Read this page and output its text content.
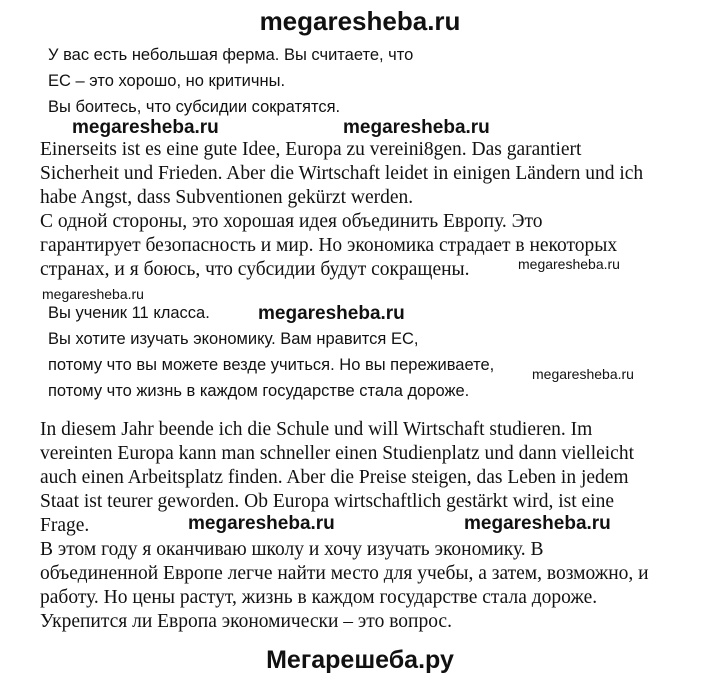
megaresheba.ru
У вас есть небольшая ферма. Вы считаете, что
ЕС – это хорошо, но критичны.
Вы боитесь, что субсидии сократятся.
megaresheba.ru	megaresheba.ru
Einerseits ist es eine gute Idee, Europa zu vereini8gen. Das garantiert
Sicherheit und Frieden. Aber die Wirtschaft leidet in einigen Ländern und ich
habe Angst, dass Subventionen gekürzt werden.
С одной стороны, это хорошая идея объединить Европу. Это
гарантирует безопасность и мир. Но экономика страдает в некоторых
странах, и я боюсь, что субсидии будут сокращены.	megaresheba.ru
megaresheba.ru
megaresheba.ru
Вы ученик 11 класса.
Вы хотите изучать экономику. Вам нравится ЕС,
потому что вы можете везде учиться. Но вы переживаете,
потому что жизнь в каждом государстве стала дороже.
megaresheba.ru
In diesem Jahr beende ich die Schule und will Wirtschaft studieren. Im
vereinten Europa kann man schneller einen Studienplatz und dann vielleicht
auch einen Arbeitsplatz finden. Aber die Preise steigen, das Leben in jedem
Staat ist teurer geworden. Ob Europa wirtschaftlich gestärkt wird, ist eine
Frage.	megaresheba.ru	megaresheba.ru
В этом году я оканчиваю школу и хочу изучать экономику. В
объединенной Европе легче найти место для учебы, а затем, возможно, и
работу. Но цены растут, жизнь в каждом государстве стала дороже.
Укрепится ли Европа экономически – это вопрос.
Мегарешеба.ру
